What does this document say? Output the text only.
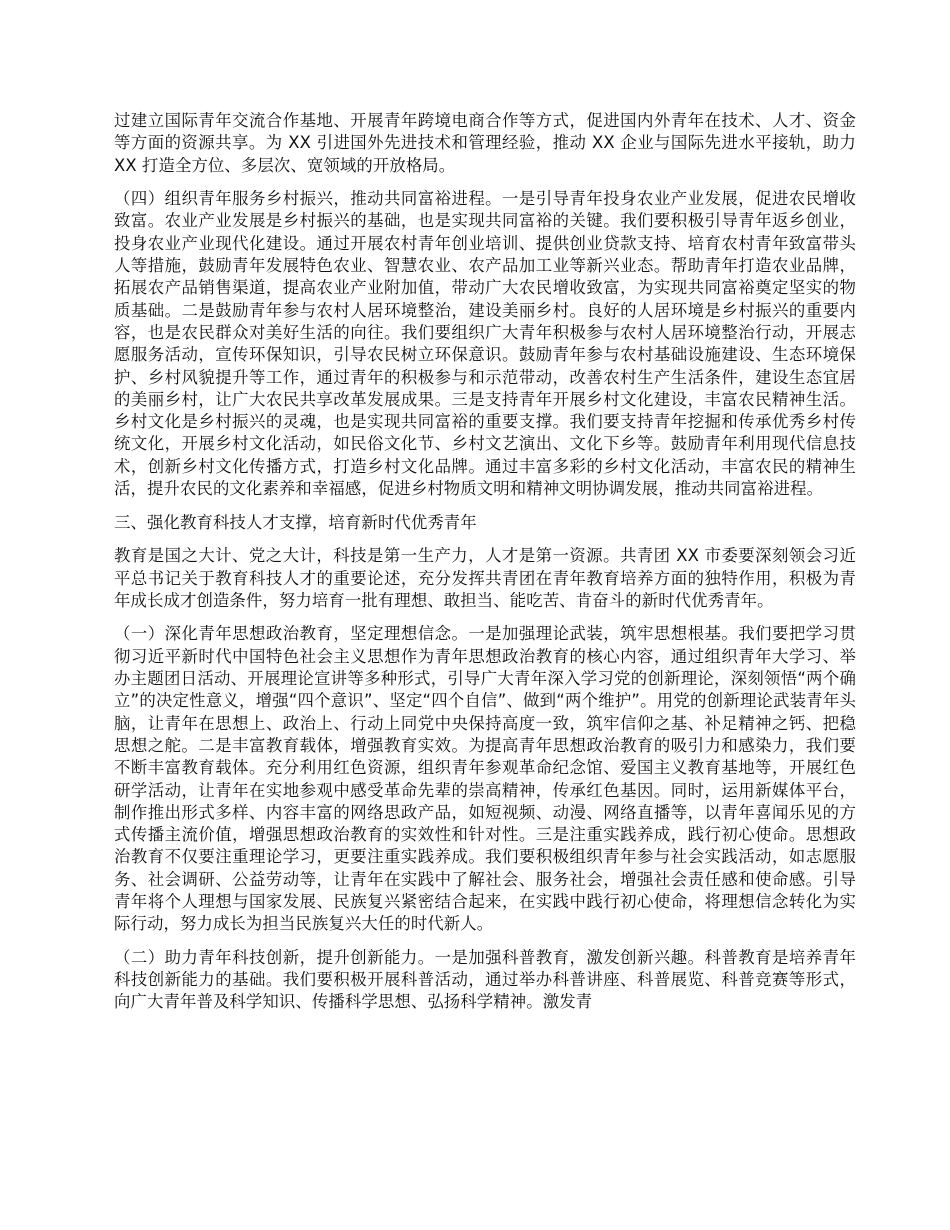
过建立国际青年交流合作基地、开展青年跨境电商合作等方式，促进国内外青年在技术、人才、资金等方面的资源共享。为 XX 引进国外先进技术和管理经验，推动 XX 企业与国际先进水平接轨，助力 XX 打造全方位、多层次、宽领域的开放格局。

（四）组织青年服务乡村振兴，推动共同富裕进程。一是引导青年投身农业产业发展，促进农民增收致富。农业产业发展是乡村振兴的基础，也是实现共同富裕的关键。我们要积极引导青年返乡创业，投身农业产业现代化建设。通过开展农村青年创业培训、提供创业贷款支持、培育农村青年致富带头人等措施，鼓励青年发展特色农业、智慧农业、农产品加工业等新兴业态。帮助青年打造农业品牌，拓展农产品销售渠道，提高农业产业附加值，带动广大农民增收致富，为实现共同富裕奠定坚实的物质基础。二是鼓励青年参与农村人居环境整治，建设美丽乡村。良好的人居环境是乡村振兴的重要内容，也是农民群众对美好生活的向往。我们要组织广大青年积极参与农村人居环境整治行动，开展志愿服务活动，宣传环保知识，引导农民树立环保意识。鼓励青年参与农村基础设施建设、生态环境保护、乡村风貌提升等工作，通过青年的积极参与和示范带动，改善农村生产生活条件，建设生态宜居的美丽乡村，让广大农民共享改革发展成果。三是支持青年开展乡村文化建设，丰富农民精神生活。乡村文化是乡村振兴的灵魂，也是实现共同富裕的重要支撑。我们要支持青年挖掘和传承优秀乡村传统文化，开展乡村文化活动，如民俗文化节、乡村文艺演出、文化下乡等。鼓励青年利用现代信息技术，创新乡村文化传播方式，打造乡村文化品牌。通过丰富多彩的乡村文化活动，丰富农民的精神生活，提升农民的文化素养和幸福感，促进乡村物质文明和精神文明协调发展，推动共同富裕进程。

三、强化教育科技人才支撑，培育新时代优秀青年

教育是国之大计、党之大计，科技是第一生产力，人才是第一资源。共青团 XX 市委要深刻领会习近平总书记关于教育科技人才的重要论述，充分发挥共青团在青年教育培养方面的独特作用，积极为青年成长成才创造条件，努力培育一批有理想、敢担当、能吃苦、肯奋斗的新时代优秀青年。

（一）深化青年思想政治教育，坚定理想信念。一是加强理论武装，筑牢思想根基。我们要把学习贯彻习近平新时代中国特色社会主义思想作为青年思想政治教育的核心内容，通过组织青年大学习、举办主题团日活动、开展理论宣讲等多种形式，引导广大青年深入学习党的创新理论，深刻领悟“两个确立”的决定性意义，增强“四个意识”、坚定“四个自信”、做到“两个维护”。用党的创新理论武装青年头脑，让青年在思想上、政治上、行动上同党中央保持高度一致，筑牢信仰之基、补足精神之钙、把稳思想之舵。二是丰富教育载体，增强教育实效。为提高青年思想政治教育的吸引力和感染力，我们要不断丰富教育载体。充分利用红色资源，组织青年参观革命纪念馆、爱国主义教育基地等，开展红色研学活动，让青年在实地参观中感受革命先辈的崇高精神，传承红色基因。同时，运用新媒体平台，制作推出形式多样、内容丰富的网络思政产品，如短视频、动漫、网络直播等，以青年喜闻乐见的方式传播主流价值，增强思想政治教育的实效性和针对性。三是注重实践养成，践行初心使命。思想政治教育不仅要注重理论学习，更要注重实践养成。我们要积极组织青年参与社会实践活动，如志愿服务、社会调研、公益劳动等，让青年在实践中了解社会、服务社会，增强社会责任感和使命感。引导青年将个人理想与国家发展、民族复兴紧密结合起来，在实践中践行初心使命，将理想信念转化为实际行动，努力成长为担当民族复兴大任的时代新人。

（二）助力青年科技创新，提升创新能力。一是加强科普教育，激发创新兴趣。科普教育是培养青年科技创新能力的基础。我们要积极开展科普活动，通过举办科普讲座、科普展览、科普竞赛等形式，向广大青年普及科学知识、传播科学思想、弘扬科学精神。激发青
